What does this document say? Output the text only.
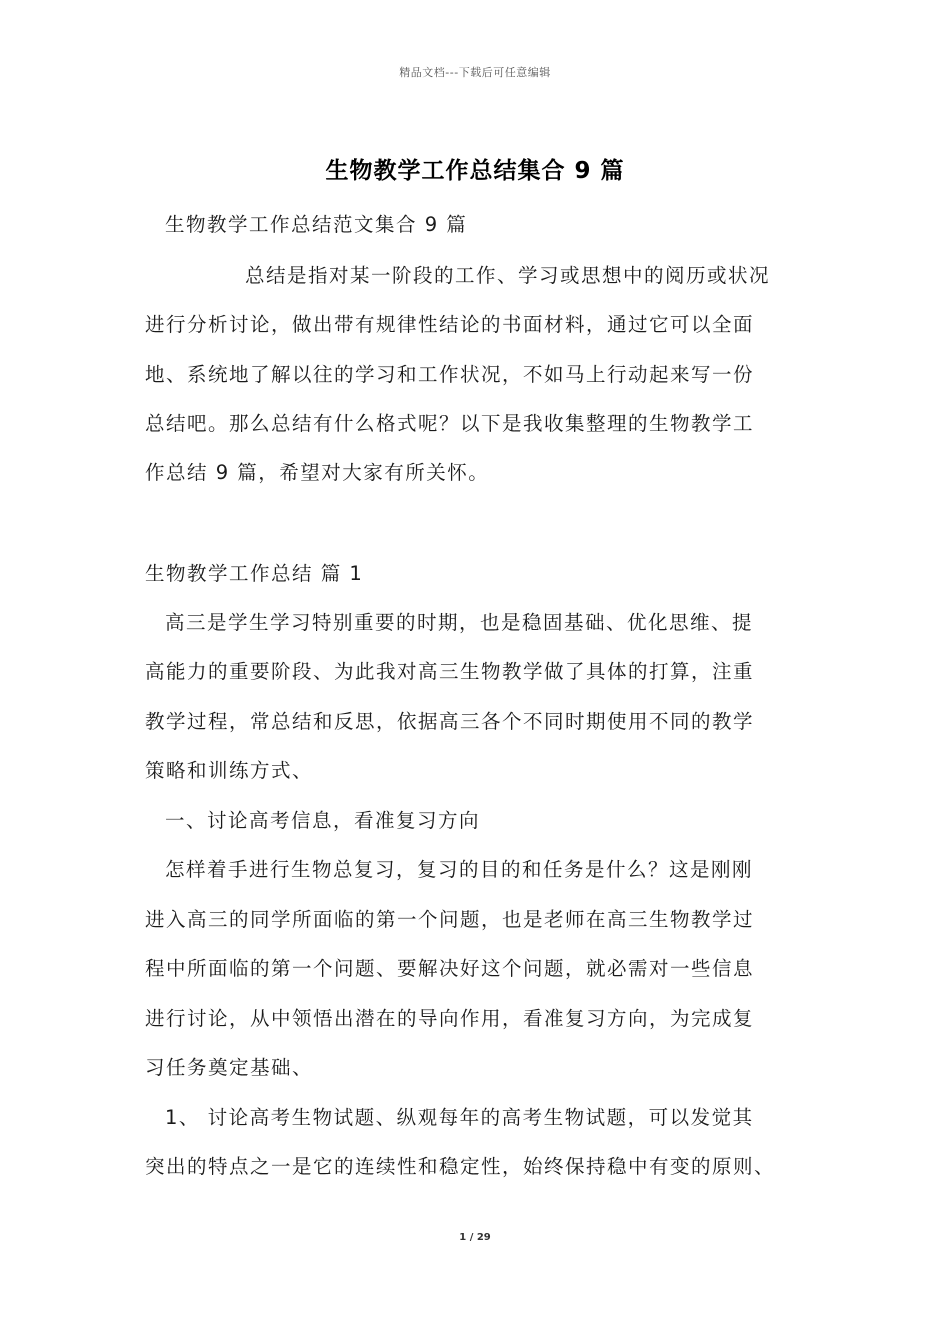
精品文档---下载后可任意编辑
生物教学工作总结集合 9 篇
生物教学工作总结范文集合 9 篇
总结是指对某一阶段的工作、学习或思想中的阅历或状况
进行分析讨论，做出带有规律性结论的书面材料，通过它可以全面
地、系统地了解以往的学习和工作状况，不如马上行动起来写一份
总结吧。那么总结有什么格式呢？以下是我收集整理的生物教学工
作总结 9 篇，希望对大家有所关怀。
生物教学工作总结 篇 1
高三是学生学习特别重要的时期，也是稳固基础、优化思维、提
高能力的重要阶段、为此我对高三生物教学做了具体的打算，注重
教学过程，常总结和反思，依据高三各个不同时期使用不同的教学
策略和训练方式、
一、讨论高考信息，看准复习方向
怎样着手进行生物总复习，复习的目的和任务是什么？这是刚刚
进入高三的同学所面临的第一个问题，也是老师在高三生物教学过
程中所面临的第一个问题、要解决好这个问题，就必需对一些信息
进行讨论，从中领悟出潜在的导向作用，看准复习方向，为完成复
习任务奠定基础、
1、 讨论高考生物试题、纵观每年的高考生物试题，可以发觉其
突出的特点之一是它的连续性和稳定性，始终保持稳中有变的原则、
1 / 29
